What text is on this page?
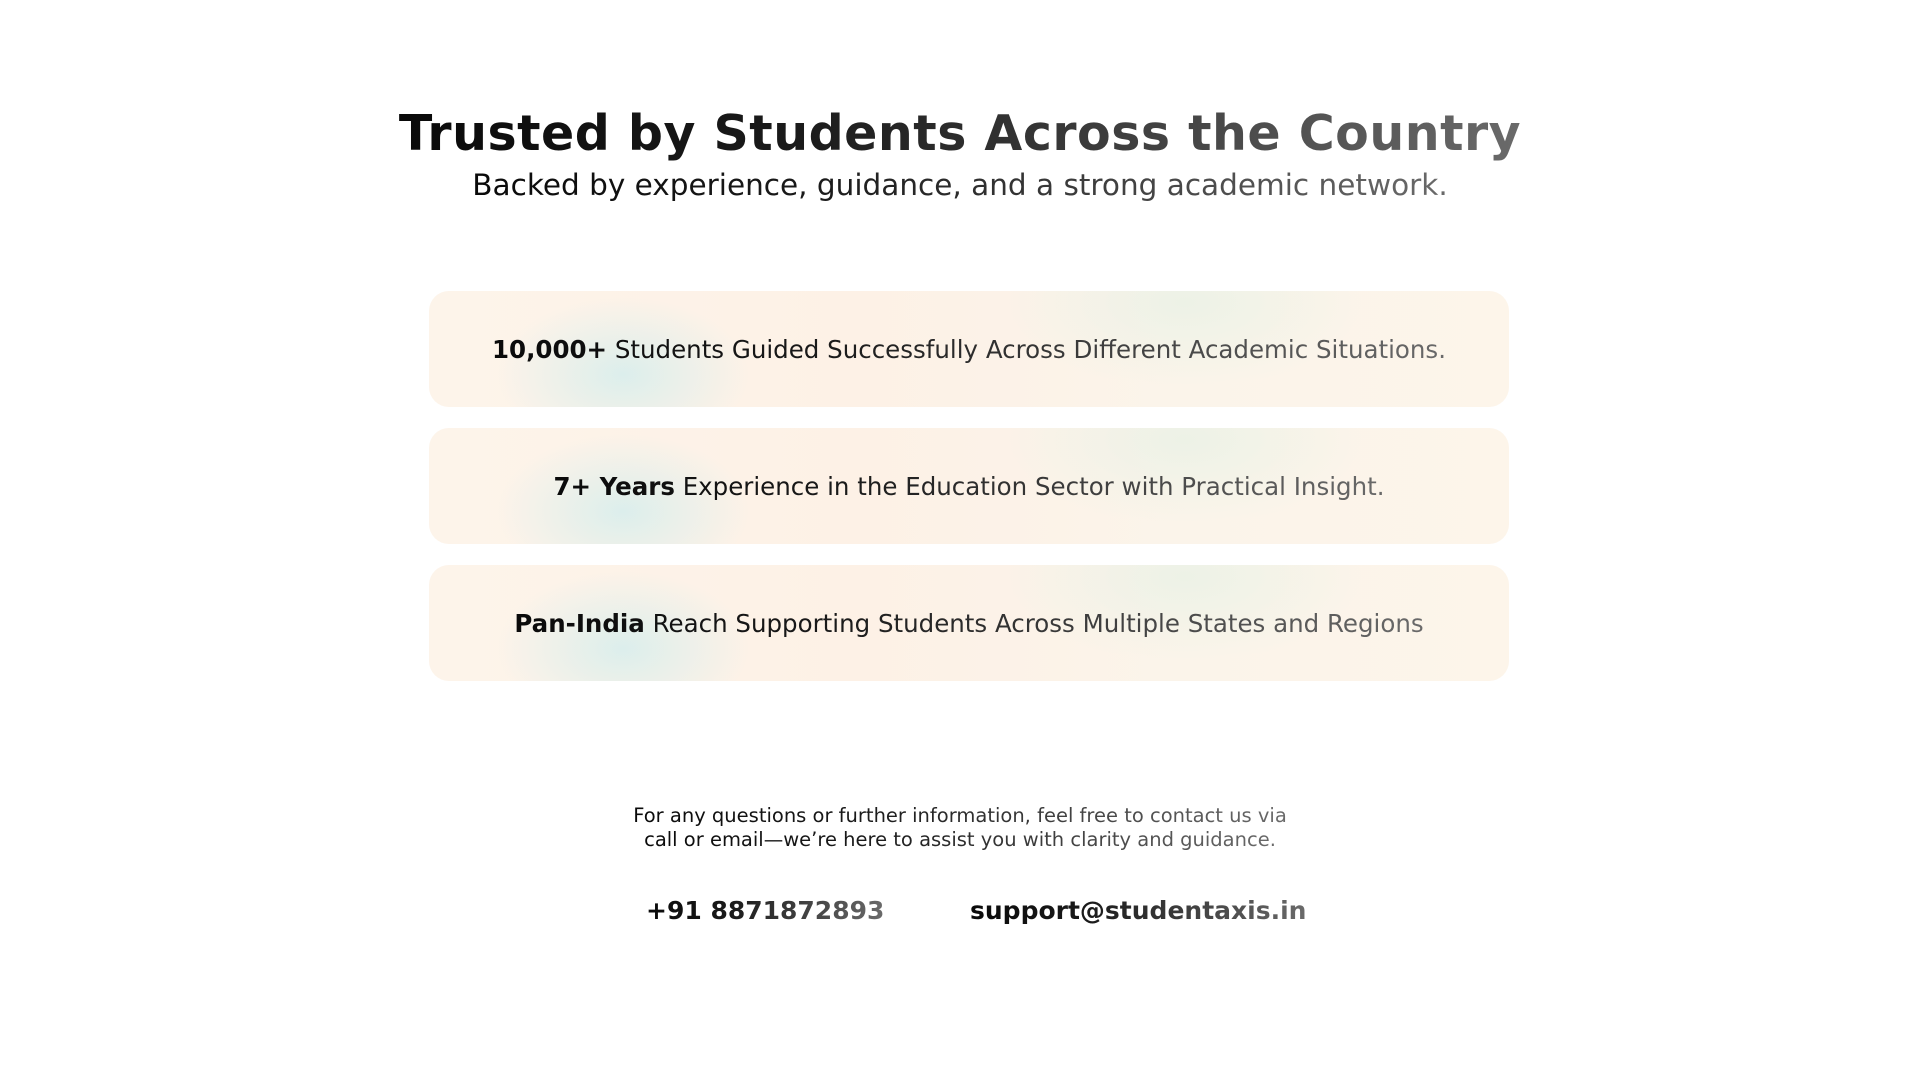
Trusted by Students Across the Country

Backed by experience, guidance, and a strong academic network.

10,000+ Students Guided Successfully Across Different Academic Situations.
7+ Years Experience in the Education Sector with Practical Insight.
Pan-India Reach Supporting Students Across Multiple States and Regions
For any questions or further information, feel free to contact us via
call or email—we’re here to assist you with clarity and guidance.
+91 8871872893	support@studentaxis.in
